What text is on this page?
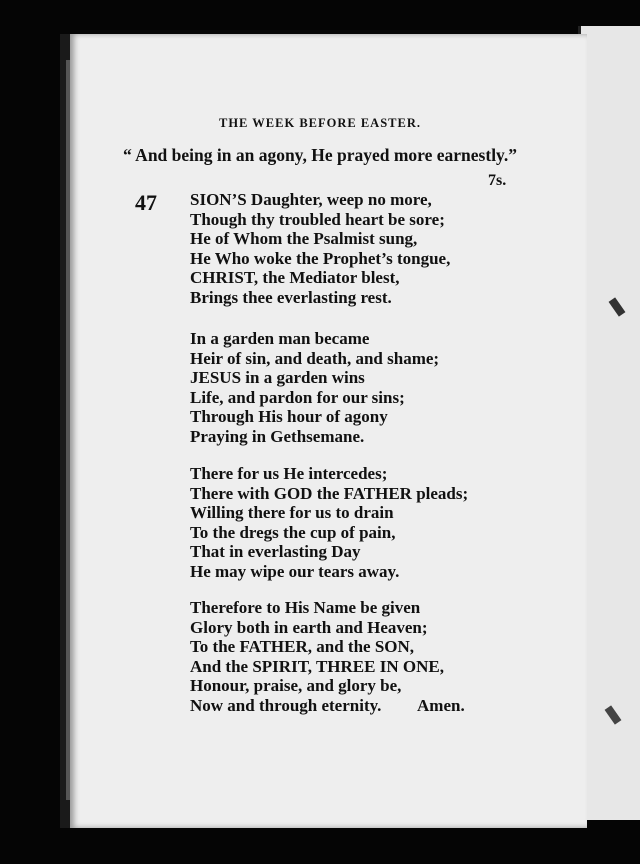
THE WEEK BEFORE EASTER.
“ And being in an agony, He prayed more earnestly.”
7s.
47 SION’S Daughter, weep no more,
Though thy troubled heart be sore;
He of Whom the Psalmist sung,
He Who woke the Prophet’s tongue,
CHRIST, the Mediator blest,
Brings thee everlasting rest.
In a garden man became
Heir of sin, and death, and shame;
JESUS in a garden wins
Life, and pardon for our sins;
Through His hour of agony
Praying in Gethsemane.
There for us He intercedes;
There with GOD the FATHER pleads;
Willing there for us to drain
To the dregs the cup of pain,
That in everlasting Day
He may wipe our tears away.
Therefore to His Name be given
Glory both in earth and Heaven;
To the FATHER, and the SON,
And the SPIRIT, THREE IN ONE,
Honour, praise, and glory be,
Now and through eternity.	Amen.
